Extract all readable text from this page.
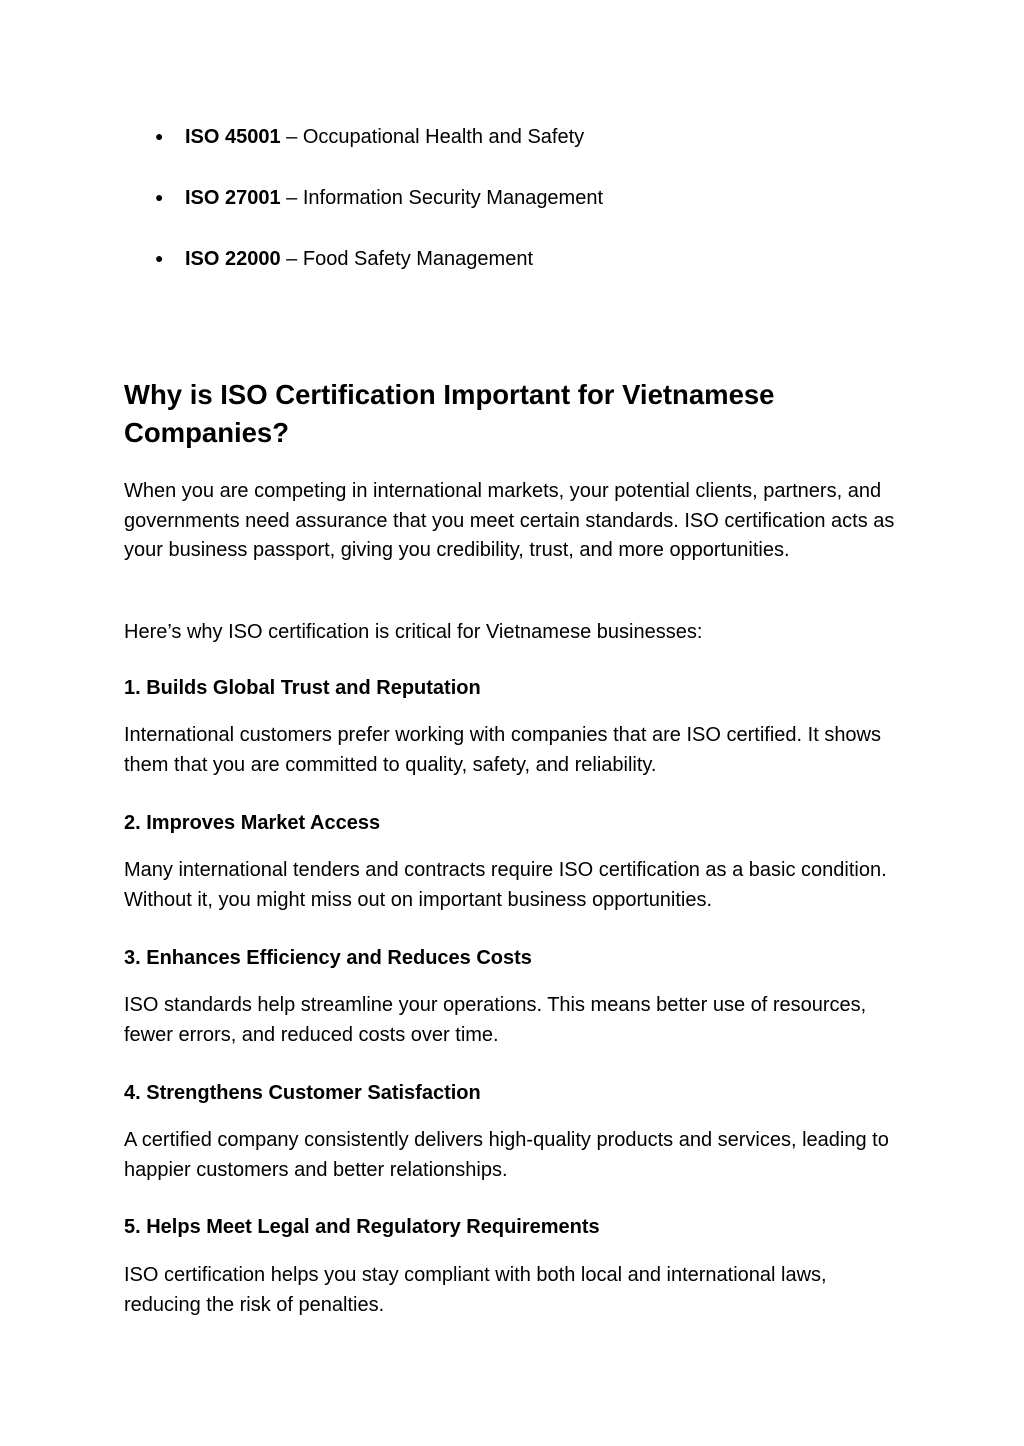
● ISO 45001 – Occupational Health and Safety
● ISO 27001 – Information Security Management
● ISO 22000 – Food Safety Management
Why is ISO Certification Important for Vietnamese Companies?

When you are competing in international markets, your potential clients, partners, and governments need assurance that you meet certain standards. ISO certification acts as your business passport, giving you credibility, trust, and more opportunities.

Here’s why ISO certification is critical for Vietnamese businesses:

1. Builds Global Trust and Reputation

International customers prefer working with companies that are ISO certified. It shows them that you are committed to quality, safety, and reliability.

2. Improves Market Access

Many international tenders and contracts require ISO certification as a basic condition. Without it, you might miss out on important business opportunities.

3. Enhances Efficiency and Reduces Costs

ISO standards help streamline your operations. This means better use of resources, fewer errors, and reduced costs over time.

4. Strengthens Customer Satisfaction

A certified company consistently delivers high-quality products and services, leading to happier customers and better relationships.

5. Helps Meet Legal and Regulatory Requirements

ISO certification helps you stay compliant with both local and international laws, reducing the risk of penalties.
